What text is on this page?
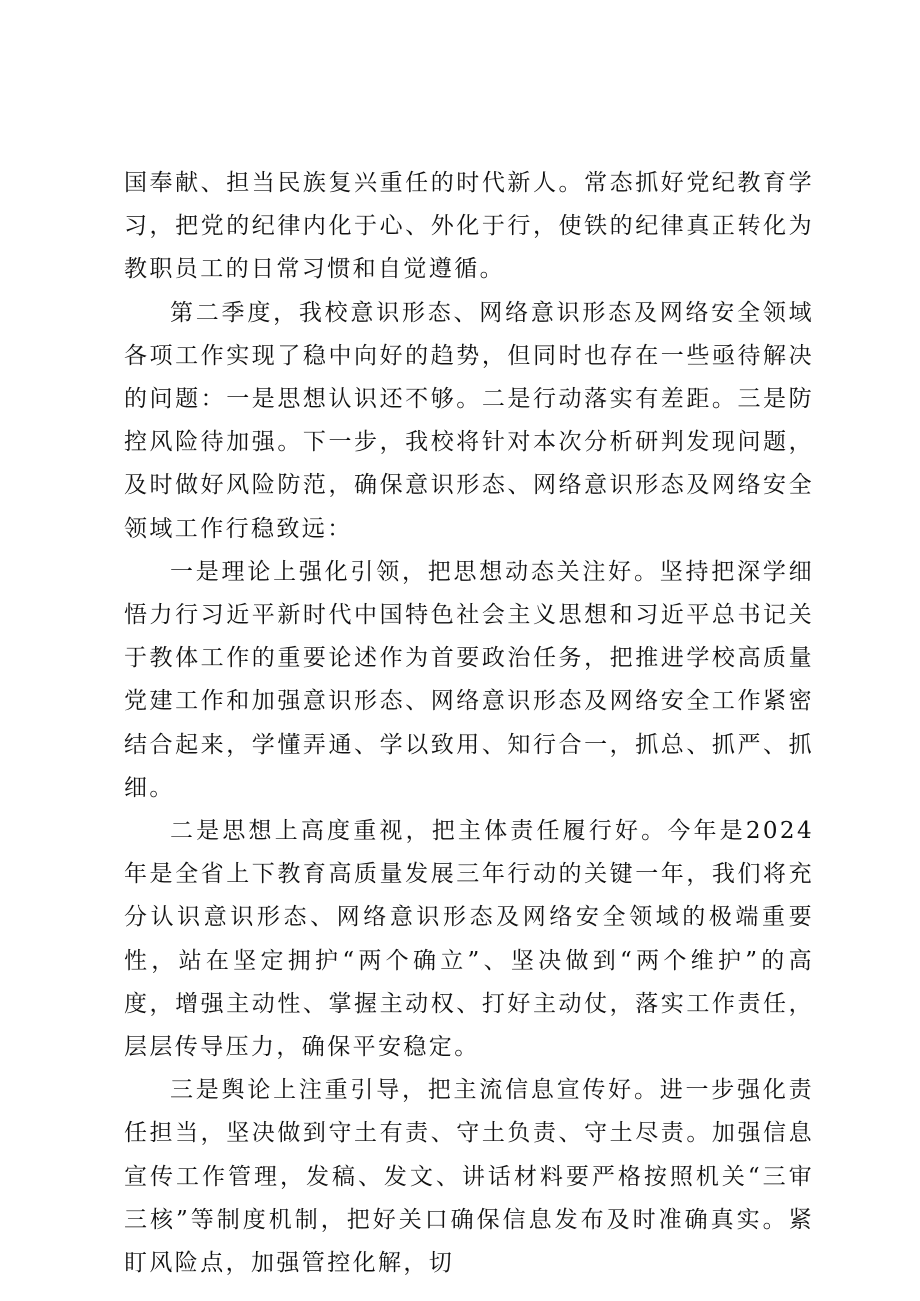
国奉献、担当民族复兴重任的时代新人。常态抓好党纪教育学习，把党的纪律内化于心、外化于行，使铁的纪律真正转化为教职员工的日常习惯和自觉遵循。

第二季度，我校意识形态、网络意识形态及网络安全领域各项工作实现了稳中向好的趋势，但同时也存在一些亟待解决的问题：一是思想认识还不够。二是行动落实有差距。三是防控风险待加强。下一步，我校将针对本次分析研判发现问题，及时做好风险防范，确保意识形态、网络意识形态及网络安全领域工作行稳致远：

一是理论上强化引领，把思想动态关注好。坚持把深学细悟力行习近平新时代中国特色社会主义思想和习近平总书记关于教体工作的重要论述作为首要政治任务，把推进学校高质量党建工作和加强意识形态、网络意识形态及网络安全工作紧密结合起来，学懂弄通、学以致用、知行合一，抓总、抓严、抓细。

二是思想上高度重视，把主体责任履行好。今年是2024年是全省上下教育高质量发展三年行动的关键一年，我们将充分认识意识形态、网络意识形态及网络安全领域的极端重要性，站在坚定拥护“两个确立”、坚决做到“两个维护”的高度，增强主动性、掌握主动权、打好主动仗，落实工作责任，层层传导压力，确保平安稳定。

三是舆论上注重引导，把主流信息宣传好。进一步强化责任担当，坚决做到守土有责、守土负责、守土尽责。加强信息宣传工作管理，发稿、发文、讲话材料要严格按照机关“三审三核”等制度机制，把好关口确保信息发布及时准确真实。紧盯风险点，加强管控化解，切
